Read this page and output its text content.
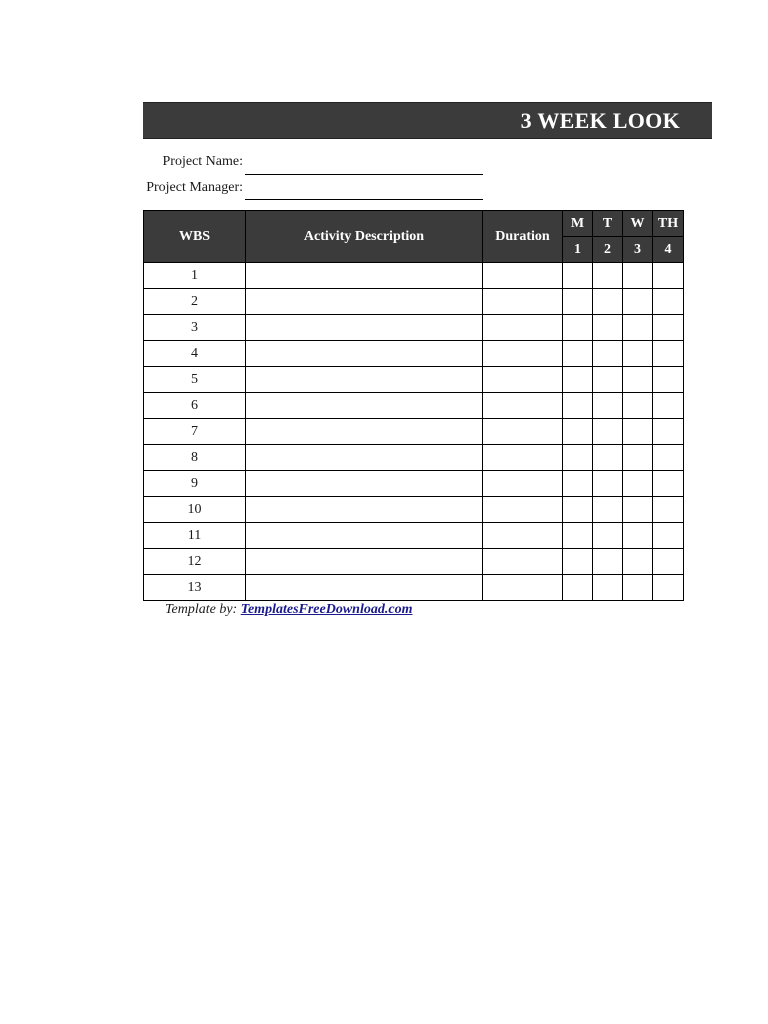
3 WEEK LOOK
Project Name:
Project Manager:
WBS	Activity Description	Duration	M	T	W	TH
			1	2	3	4
1						
2						
3						
4						
5						
6						
7						
8						
9						
10						
11						
12						
13						
Template by: TemplatesFreeDownload.com
